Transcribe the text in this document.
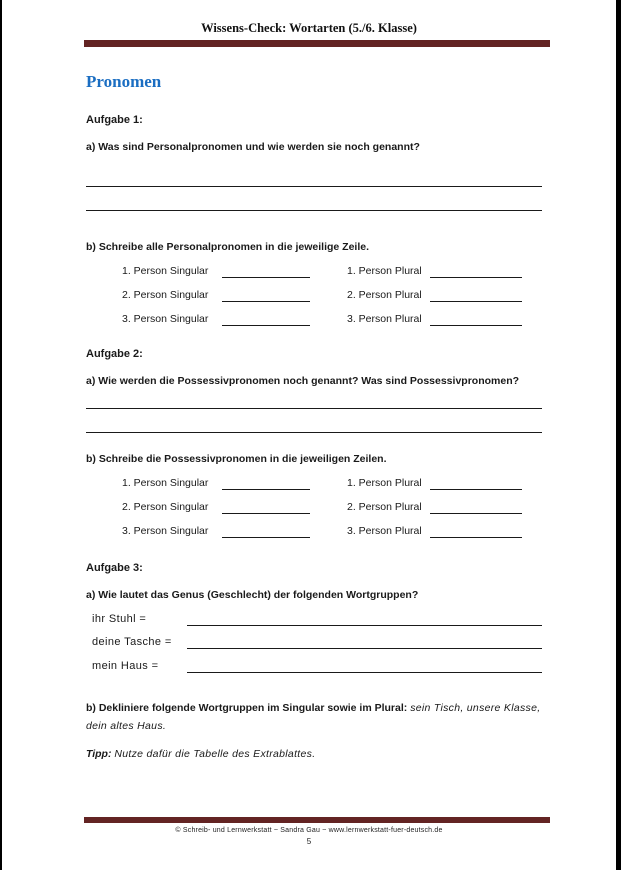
Wissens-Check: Wortarten (5./6. Klasse)
Pronomen
Aufgabe 1:
a) Was sind Personalpronomen und wie werden sie noch genannt?
b) Schreibe alle Personalpronomen in die jeweilige Zeile.
1. Person Singular	1. Person Plural
2. Person Singular	2. Person Plural
3. Person Singular	3. Person Plural
Aufgabe 2:
a) Wie werden die Possessivpronomen noch genannt? Was sind Possessivpronomen?
b) Schreibe die Possessivpronomen in die jeweiligen Zeilen.
1. Person Singular	1. Person Plural
2. Person Singular	2. Person Plural
3. Person Singular	3. Person Plural
Aufgabe 3:
a) Wie lautet das Genus (Geschlecht) der folgenden Wortgruppen?
ihr Stuhl =
deine Tasche =
mein Haus =

b) Dekliniere folgende Wortgruppen im Singular sowie im Plural: sein Tisch, unsere Klasse, dein altes Haus.

Tipp: Nutze dafür die Tabelle des Extrablattes.

© Schreib- und Lernwerkstatt ~ Sandra Gau ~ www.lernwerkstatt-fuer-deutsch.de
5
